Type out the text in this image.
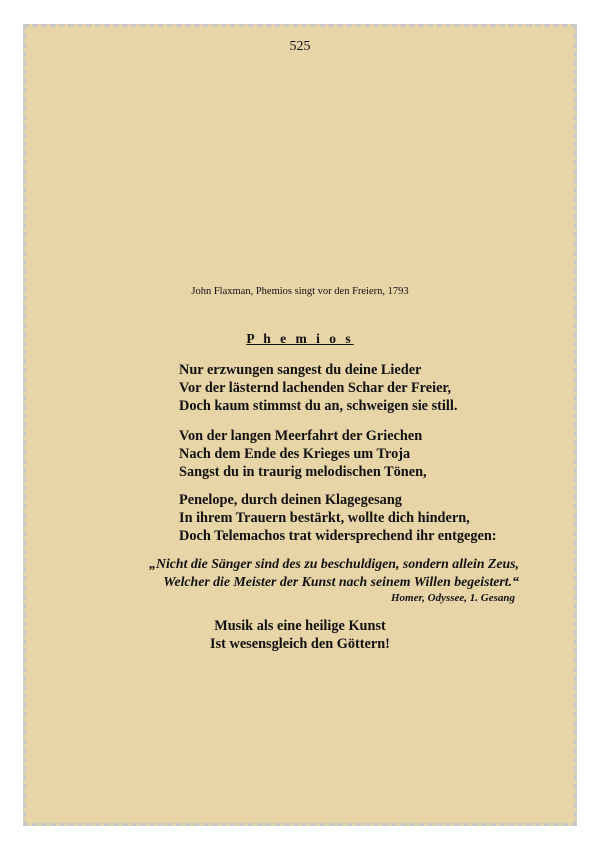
525

John Flaxman, Phemios singt vor den Freiern, 1793

P h e m i o s

Nur erzwungen sangest du deine Lieder
Vor der lästernd lachenden Schar der Freier,
Doch kaum stimmst du an, schweigen sie still.
Von der langen Meerfahrt der Griechen
Nach dem Ende des Krieges um Troja
Sangst du in traurig melodischen Tönen,
Penelope, durch deinen Klagegesang
In ihrem Trauern bestärkt, wollte dich hindern,
Doch Telemachos trat widersprechend ihr entgegen:
„Nicht die Sänger sind des zu beschuldigen, sondern allein Zeus,
Welcher die Meister der Kunst nach seinem Willen begeistert.“

Homer, Odyssee, 1. Gesang

Musik als eine heilige Kunst
Ist wesensgleich den Göttern!
